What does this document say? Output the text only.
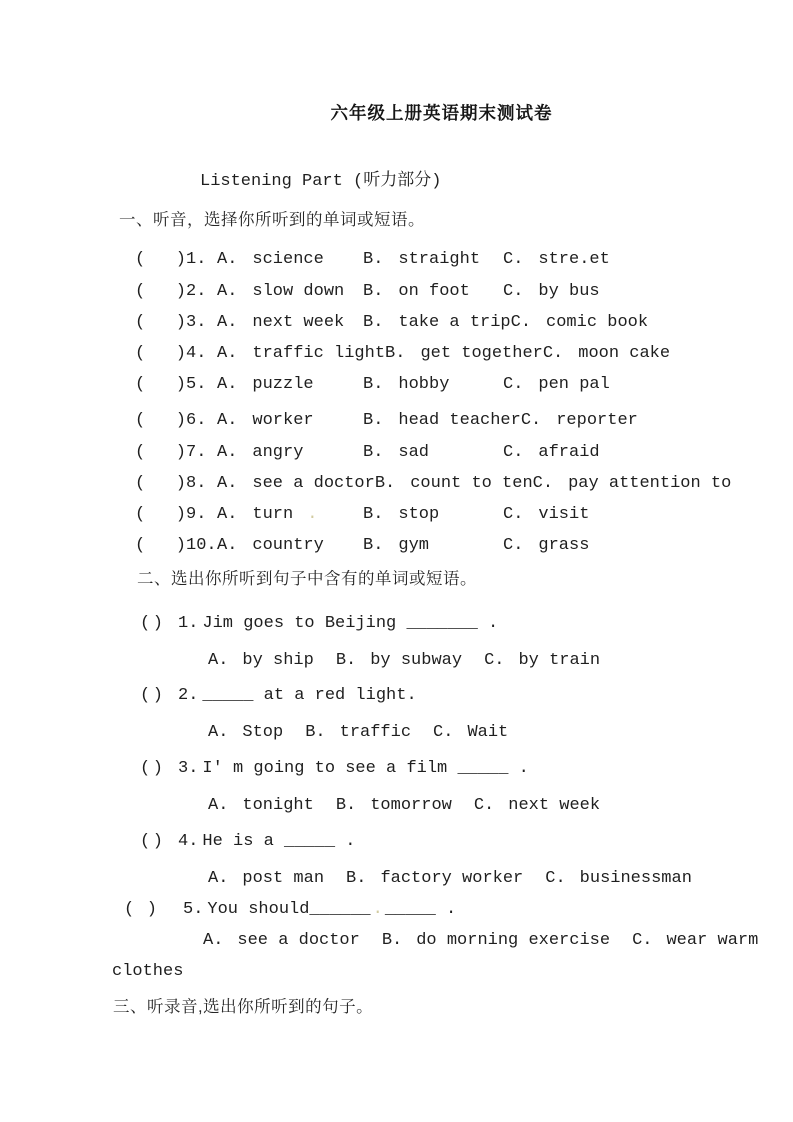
六年级上册英语期末测试卷
Listening Part (听力部分)
一、听音，选择你所听到的单词或短语。
( ) 1. A. science B. straight C. stre.et
( ) 2. A. slow down B. on foot C. by bus
( ) 3. A. next week B. take a trip C. comic book
( ) 4. A. traffic light B. get together C. moon cake
( ) 5. A. puzzle	B. hobby	C. pen pal
( ) 6. A. worker	B. head teacher C. reporter
( ) 7. A. angry	B. sad	C. afraid
( ) 8. A. see a doctor B. count to ten C. pay attention to
( ) 9. A. turn .	B. stop	C. visit
( ) 10. A. country B. gym	C. grass
二、选出你所听到句子中含有的单词或短语。
( ) 1. Jim goes to Beijing _______ .
A. by ship B. by subway C. by train
( ) 2. _____ at a red light.
A. Stop B. traffic C. Wait
( ) 3. I' m going to see a film _____ .
A. tonight B. tomorrow C. next week
( ) 4. He is a _____ .
A. post man B. factory worker C. businessman
( ) 5. You should______ . _____ .
A. see a doctor B. do morning exercise C. wear warm
clothes
三、听录音,选出你所听到的句子。
